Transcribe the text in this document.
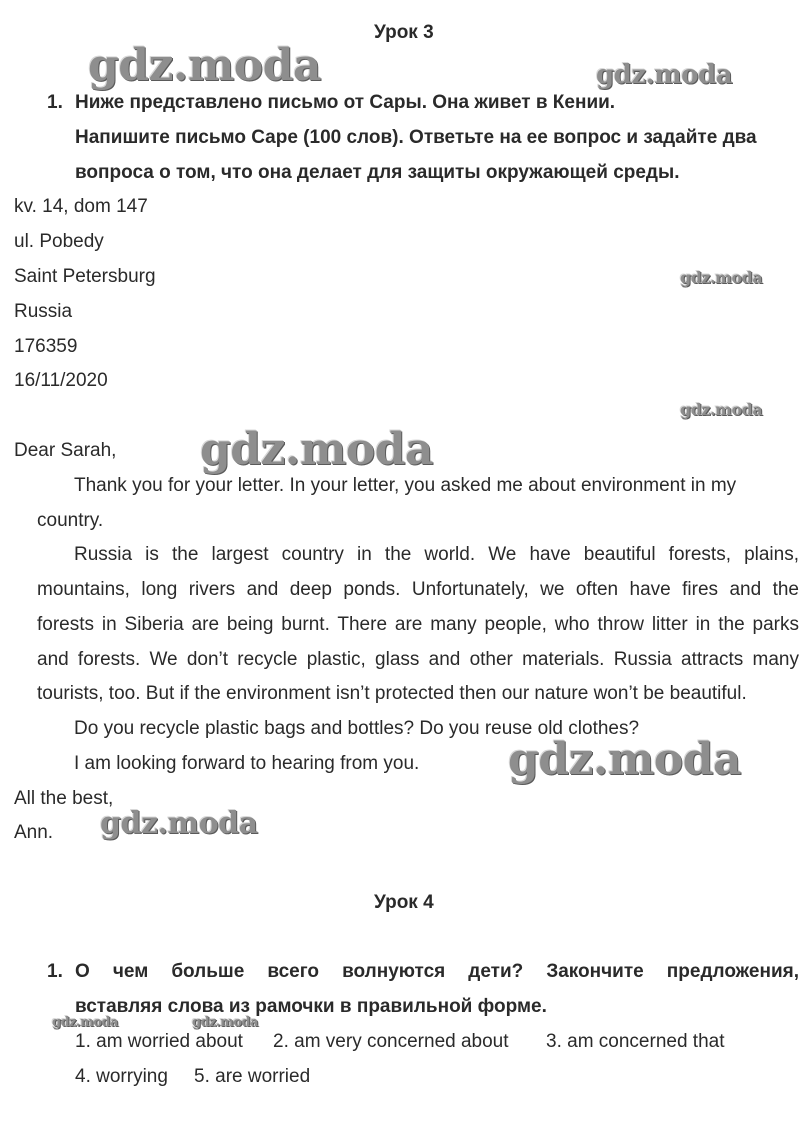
Урок 3
1. Ниже представлено письмо от Сары. Она живет в Кении.
Напишите письмо Саре (100 слов). Ответьте на ее вопрос и задайте два
вопроса о том, что она делает для защиты окружающей среды.
kv. 14, dom 147
ul. Pobedy
Saint Petersburg
Russia
176359
16/11/2020
Dear Sarah,
Thank you for your letter. In your letter, you asked me about environment in my
country.
Russia is the largest country in the world. We have beautiful forests, plains,
mountains, long rivers and deep ponds. Unfortunately, we often have fires and the
forests in Siberia are being burnt. There are many people, who throw litter in the parks
and forests. We don’t recycle plastic, glass and other materials. Russia attracts many
tourists, too. But if the environment isn’t protected then our nature won’t be beautiful.
Do you recycle plastic bags and bottles? Do you reuse old clothes?
I am looking forward to hearing from you.
All the best,
Ann.
Урок 4
1. О чем больше всего волнуются дети? Закончите предложения,
вставляя слова из рамочки в правильной форме.
1. am worried about 2. am very concerned about 3. am concerned that
4. worrying 5. are worried
gdz.moda	gdz.moda
gdz.moda
gdz.moda
gdz.moda
gdz.moda
gdz.moda
gdz.moda	gdz.moda
